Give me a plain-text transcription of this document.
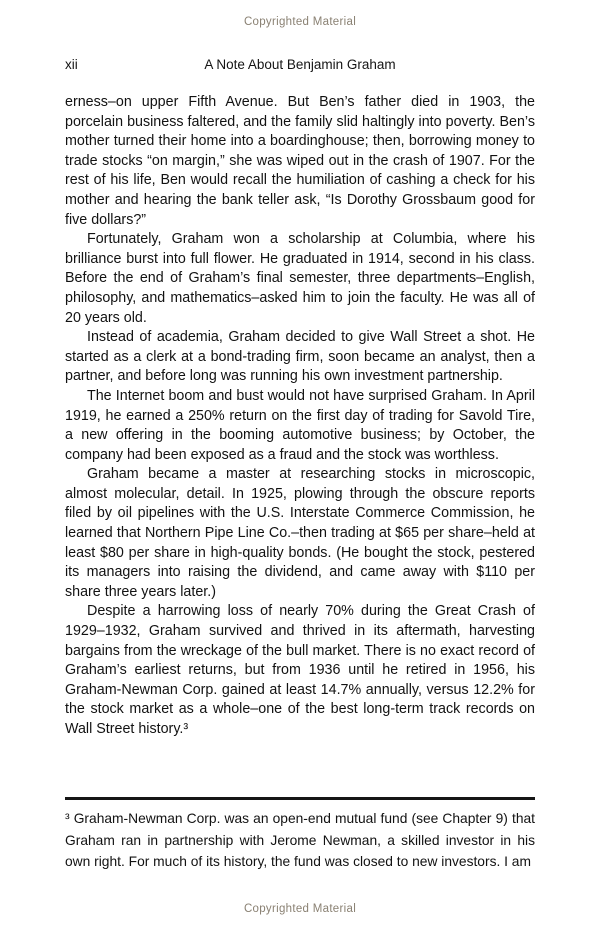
Copyrighted Material
xii	A Note About Benjamin Graham

erness–on upper Fifth Avenue. But Ben’s father died in 1903, the porcelain business faltered, and the family slid haltingly into poverty. Ben’s mother turned their home into a boardinghouse; then, borrowing money to trade stocks “on margin,” she was wiped out in the crash of 1907. For the rest of his life, Ben would recall the humiliation of cashing a check for his mother and hearing the bank teller ask, “Is Dorothy Grossbaum good for five dollars?”

Fortunately, Graham won a scholarship at Columbia, where his brilliance burst into full flower. He graduated in 1914, second in his class. Before the end of Graham’s final semester, three departments–English, philosophy, and mathematics–asked him to join the faculty. He was all of 20 years old.

Instead of academia, Graham decided to give Wall Street a shot. He started as a clerk at a bond-trading firm, soon became an analyst, then a partner, and before long was running his own investment partnership.

The Internet boom and bust would not have surprised Graham. In April 1919, he earned a 250% return on the first day of trading for Savold Tire, a new offering in the booming automotive business; by October, the company had been exposed as a fraud and the stock was worthless.

Graham became a master at researching stocks in microscopic, almost molecular, detail. In 1925, plowing through the obscure reports filed by oil pipelines with the U.S. Interstate Commerce Commission, he learned that Northern Pipe Line Co.–then trading at $65 per share–held at least $80 per share in high-quality bonds. (He bought the stock, pestered its managers into raising the dividend, and came away with $110 per share three years later.)

Despite a harrowing loss of nearly 70% during the Great Crash of 1929–1932, Graham survived and thrived in its aftermath, harvesting bargains from the wreckage of the bull market. There is no exact record of Graham’s earliest returns, but from 1936 until he retired in 1956, his Graham-Newman Corp. gained at least 14.7% annually, versus 12.2% for the stock market as a whole–one of the best long-term track records on Wall Street history.³

³ Graham-Newman Corp. was an open-end mutual fund (see Chapter 9) that Graham ran in partnership with Jerome Newman, a skilled investor in his own right. For much of its history, the fund was closed to new investors. I am

Copyrighted Material
